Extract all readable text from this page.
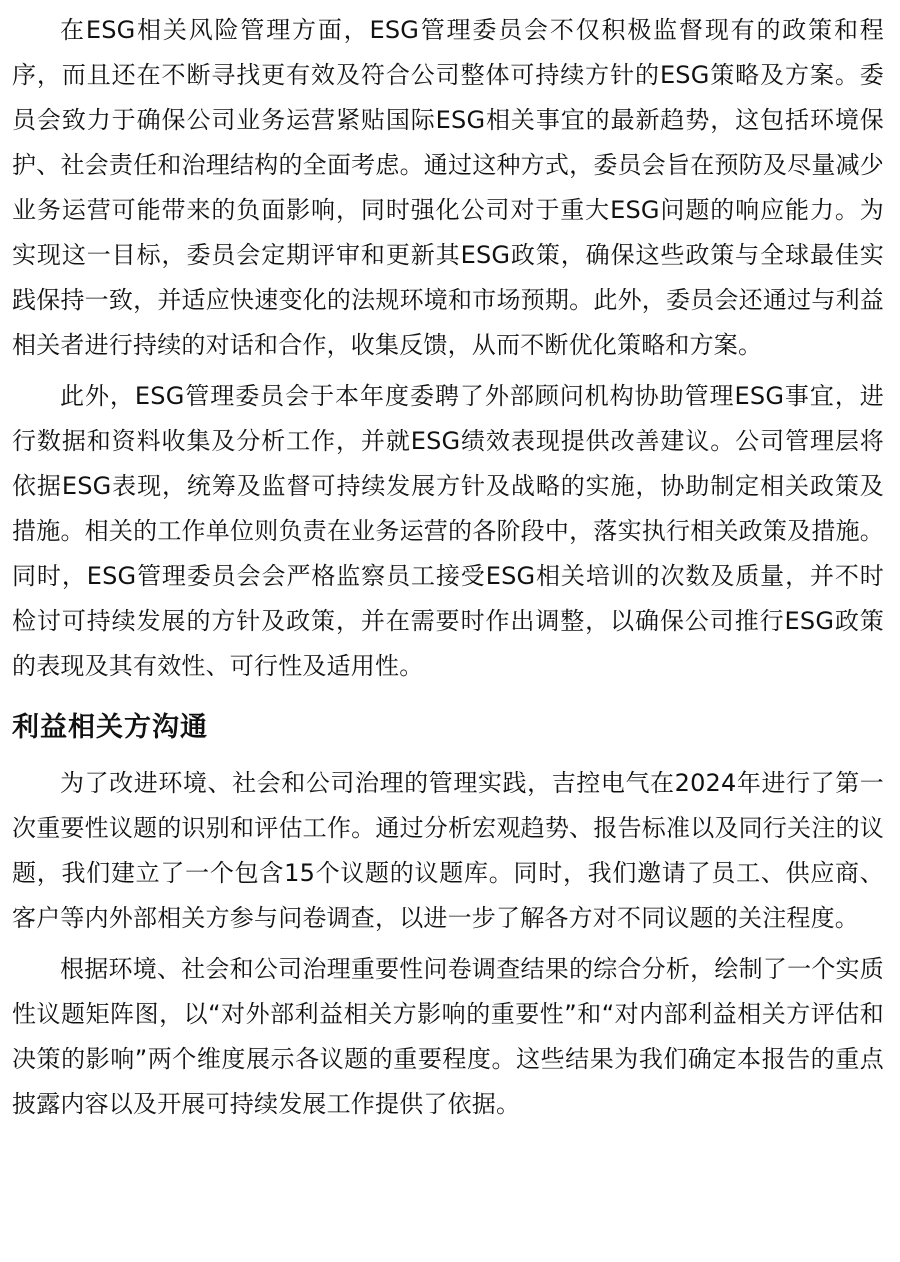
在ESG相关风险管理方面，ESG管理委员会不仅积极监督现有的政策和程序，而且还在不断寻找更有效及符合公司整体可持续方针的ESG策略及方案。委员会致力于确保公司业务运营紧贴国际ESG相关事宜的最新趋势，这包括环境保护、社会责任和治理结构的全面考虑。通过这种方式，委员会旨在预防及尽量减少业务运营可能带来的负面影响，同时强化公司对于重大ESG问题的响应能力。为实现这一目标，委员会定期评审和更新其ESG政策，确保这些政策与全球最佳实践保持一致，并适应快速变化的法规环境和市场预期。此外，委员会还通过与利益相关者进行持续的对话和合作，收集反馈，从而不断优化策略和方案。

此外，ESG管理委员会于本年度委聘了外部顾问机构协助管理ESG事宜，进行数据和资料收集及分析工作，并就ESG绩效表现提供改善建议。公司管理层将依据ESG表现，统筹及监督可持续发展方针及战略的实施，协助制定相关政策及措施。相关的工作单位则负责在业务运营的各阶段中，落实执行相关政策及措施。同时，ESG管理委员会会严格监察员工接受ESG相关培训的次数及质量，并不时检讨可持续发展的方针及政策，并在需要时作出调整，以确保公司推行ESG政策的表现及其有效性、可行性及适用性。

利益相关方沟通

为了改进环境、社会和公司治理的管理实践，吉控电气在2024年进行了第一次重要性议题的识别和评估工作。通过分析宏观趋势、报告标准以及同行关注的议题，我们建立了一个包含15个议题的议题库。同时，我们邀请了员工、供应商、客户等内外部相关方参与问卷调查，以进一步了解各方对不同议题的关注程度。

根据环境、社会和公司治理重要性问卷调查结果的综合分析，绘制了一个实质性议题矩阵图，以“对外部利益相关方影响的重要性”和“对内部利益相关方评估和决策的影响”两个维度展示各议题的重要程度。这些结果为我们确定本报告的重点披露内容以及开展可持续发展工作提供了依据。
